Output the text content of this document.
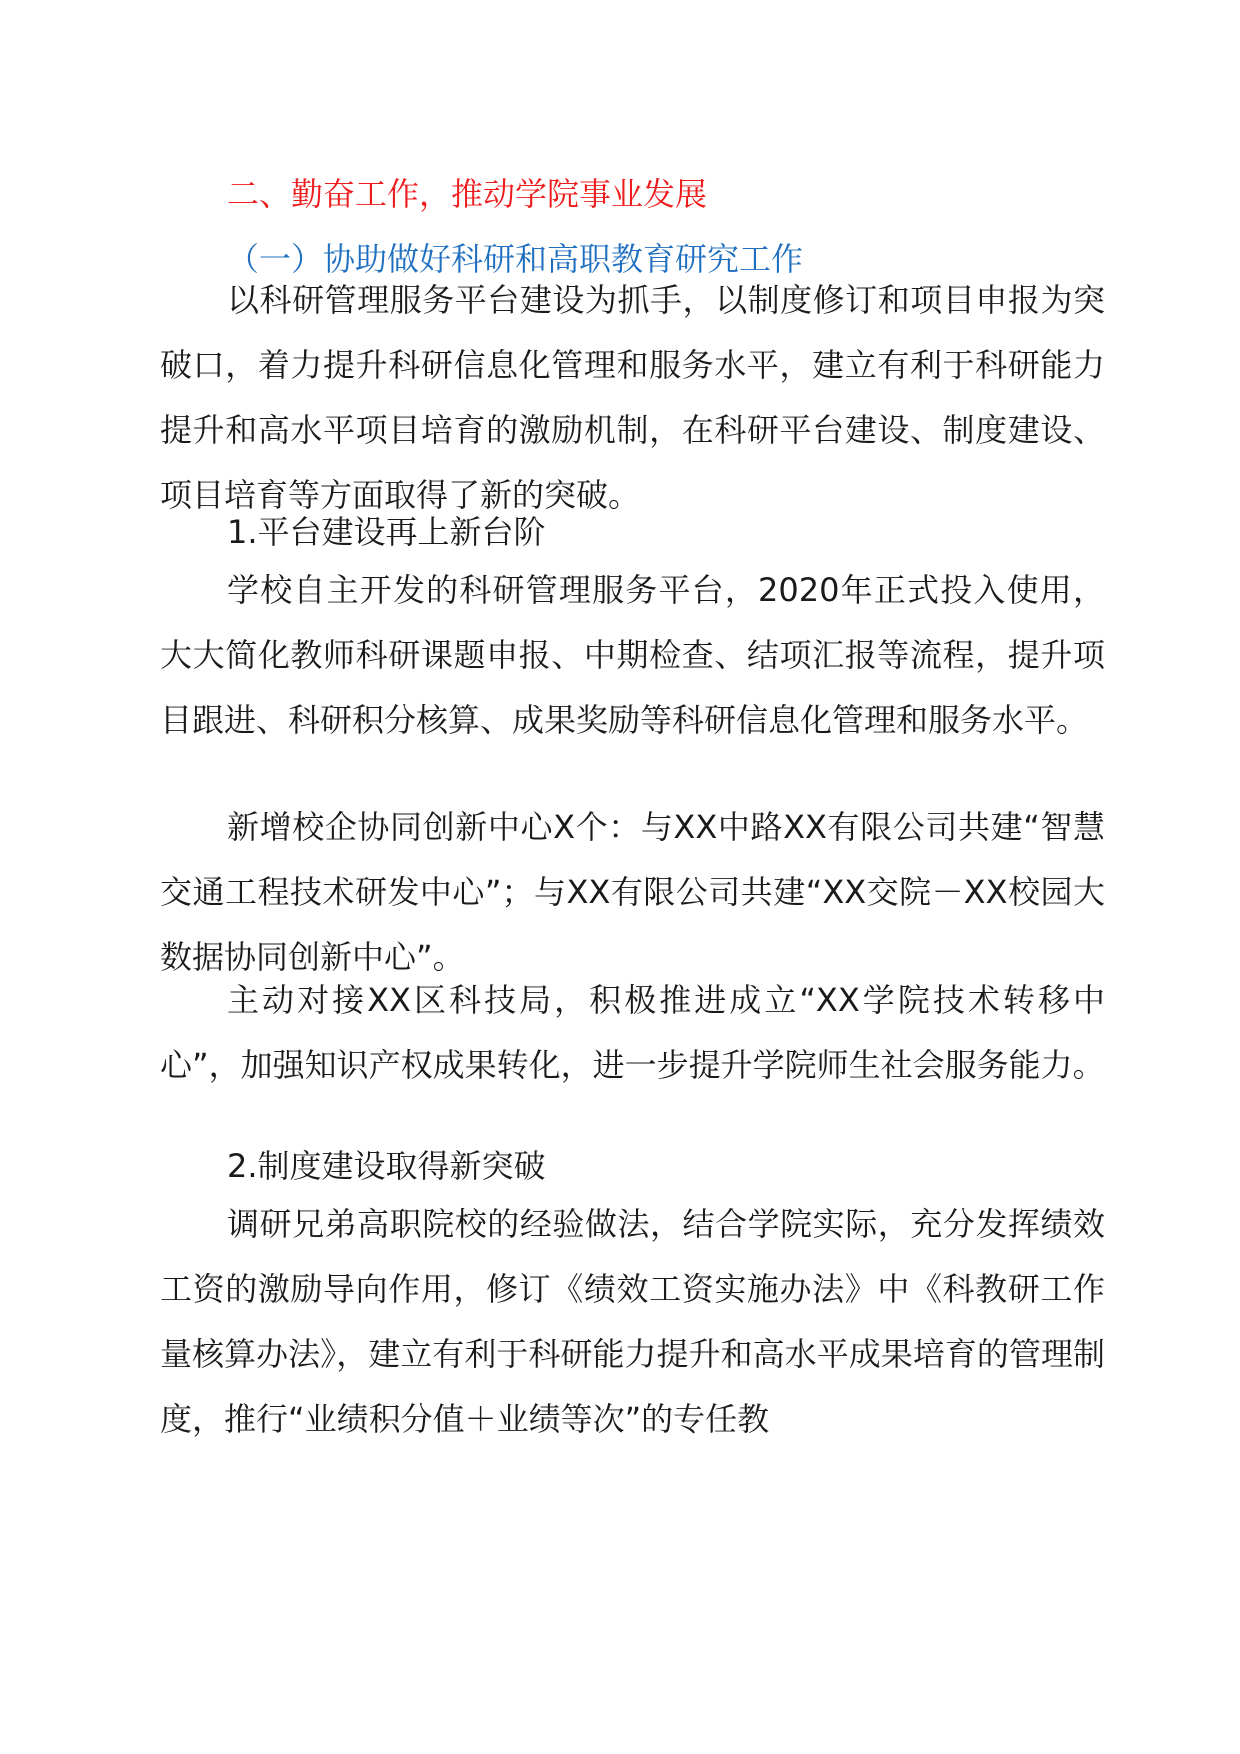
二、勤奋工作，推动学院事业发展
（一）协助做好科研和高职教育研究工作

以科研管理服务平台建设为抓手，以制度修订和项目申报为突破口，着力提升科研信息化管理和服务水平，建立有利于科研能力提升和高水平项目培育的激励机制，在科研平台建设、制度建设、项目培育等方面取得了新的突破。

1.平台建设再上新台阶

学校自主开发的科研管理服务平台，2020年正式投入使用，大大简化教师科研课题申报、中期检查、结项汇报等流程，提升项目跟进、科研积分核算、成果奖励等科研信息化管理和服务水平。

新增校企协同创新中心X个：与XX中路XX有限公司共建“智慧交通工程技术研发中心”；与XX有限公司共建“XX交院－XX校园大数据协同创新中心”。

主动对接XX区科技局，积极推进成立“XX学院技术转移中心”，加强知识产权成果转化，进一步提升学院师生社会服务能力。

2.制度建设取得新突破

调研兄弟高职院校的经验做法，结合学院实际，充分发挥绩效工资的激励导向作用，修订《绩效工资实施办法》中《科教研工作量核算办法》，建立有利于科研能力提升和高水平成果培育的管理制度，推行“业绩积分值＋业绩等次”的专任教
